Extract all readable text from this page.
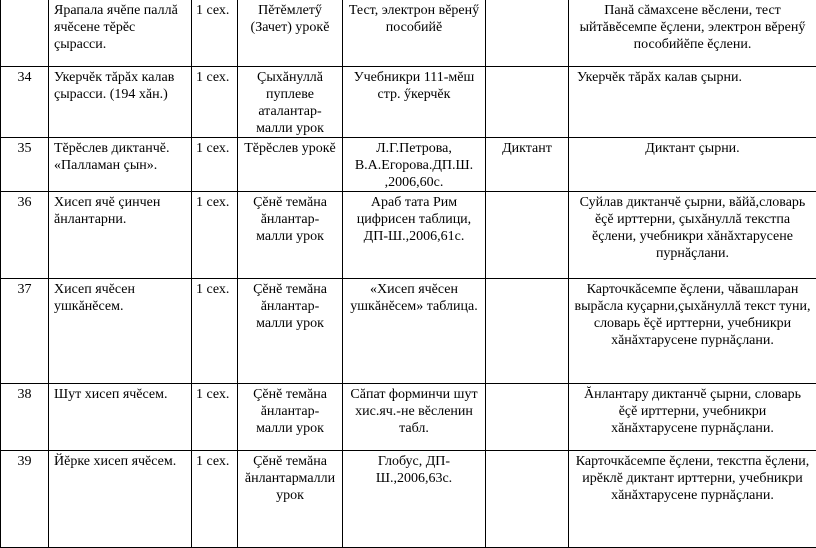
	Ярапала ячĕпе паллă ячĕсене тĕрĕс çырасси.	1 сех.	Пĕтĕмлетӳ (Зачет) урокĕ	Тест, электрон вĕренӳ пособийĕ		Панă сăмахсене вĕслени, тест ыйтăвĕсемпе ĕçлени, электрон вĕренӳ пособийĕпе ĕçлени.
34	Укерчĕк тăрăх калав çырасси. (194 хăн.)	1 сех.	Çыхăнуллă пуплеве аталантар-малли урок	Учебникри 111-мĕш стр. ӳкерчĕк		Укерчĕк тăрăх калав çырни.
35	Тĕрĕслев диктанчĕ. «Палламан çын».	1 сех.	Тĕрĕслев урокĕ	Л.Г.Петрова, В.А.Егорова.ДП.Ш. ,2006,60с.	Диктант	Диктант çырни.
36	Хисеп ячĕ çинчен ăнлантарни.	1 сех.	Çĕнĕ темăна ăнлантар-малли урок	Араб тата Рим цифрисен таблици, ДП-Ш.,2006,61с.		Суйлав диктанчĕ çырни, вăйă,словарь ĕçĕ ирттерни, çыхăнуллă текстпа ĕçлени, учебникри хăнăхтарусене пурнăçлани.
37	Хисеп ячĕсен ушкăнĕсем.	1 сех.	Çĕнĕ темăна ăнлантар-малли урок	«Хисеп ячĕсен ушкăнĕсем» таблица.		Карточкăсемпе ĕçлени, чăвашларан вырăсла куçарни,çыхăнуллă текст туни, словарь ĕçĕ ирттерни, учебникри хăнăхтарусене пурнăçлани.
38	Шут хисеп ячĕсем.	1 сех.	Çĕнĕ темăна ăнлантар-малли урок	Сăпат форминчи шут хис.яч.-не вĕсленин табл.		Ăнлантару диктанчĕ çырни, словарь ĕçĕ ирттерни, учебникри хăнăхтарусене пурнăçлани.
39	Йĕрке хисеп ячĕсем.	1 сех.	Çĕнĕ темăна ăнлантармалли урок	Глобус, ДП-Ш.,2006,63с.		Карточкăсемпе ĕçлени, текстпа ĕçлени, ирĕклĕ диктант ирттерни, учебникри хăнăхтарусене пурнăçлани.
